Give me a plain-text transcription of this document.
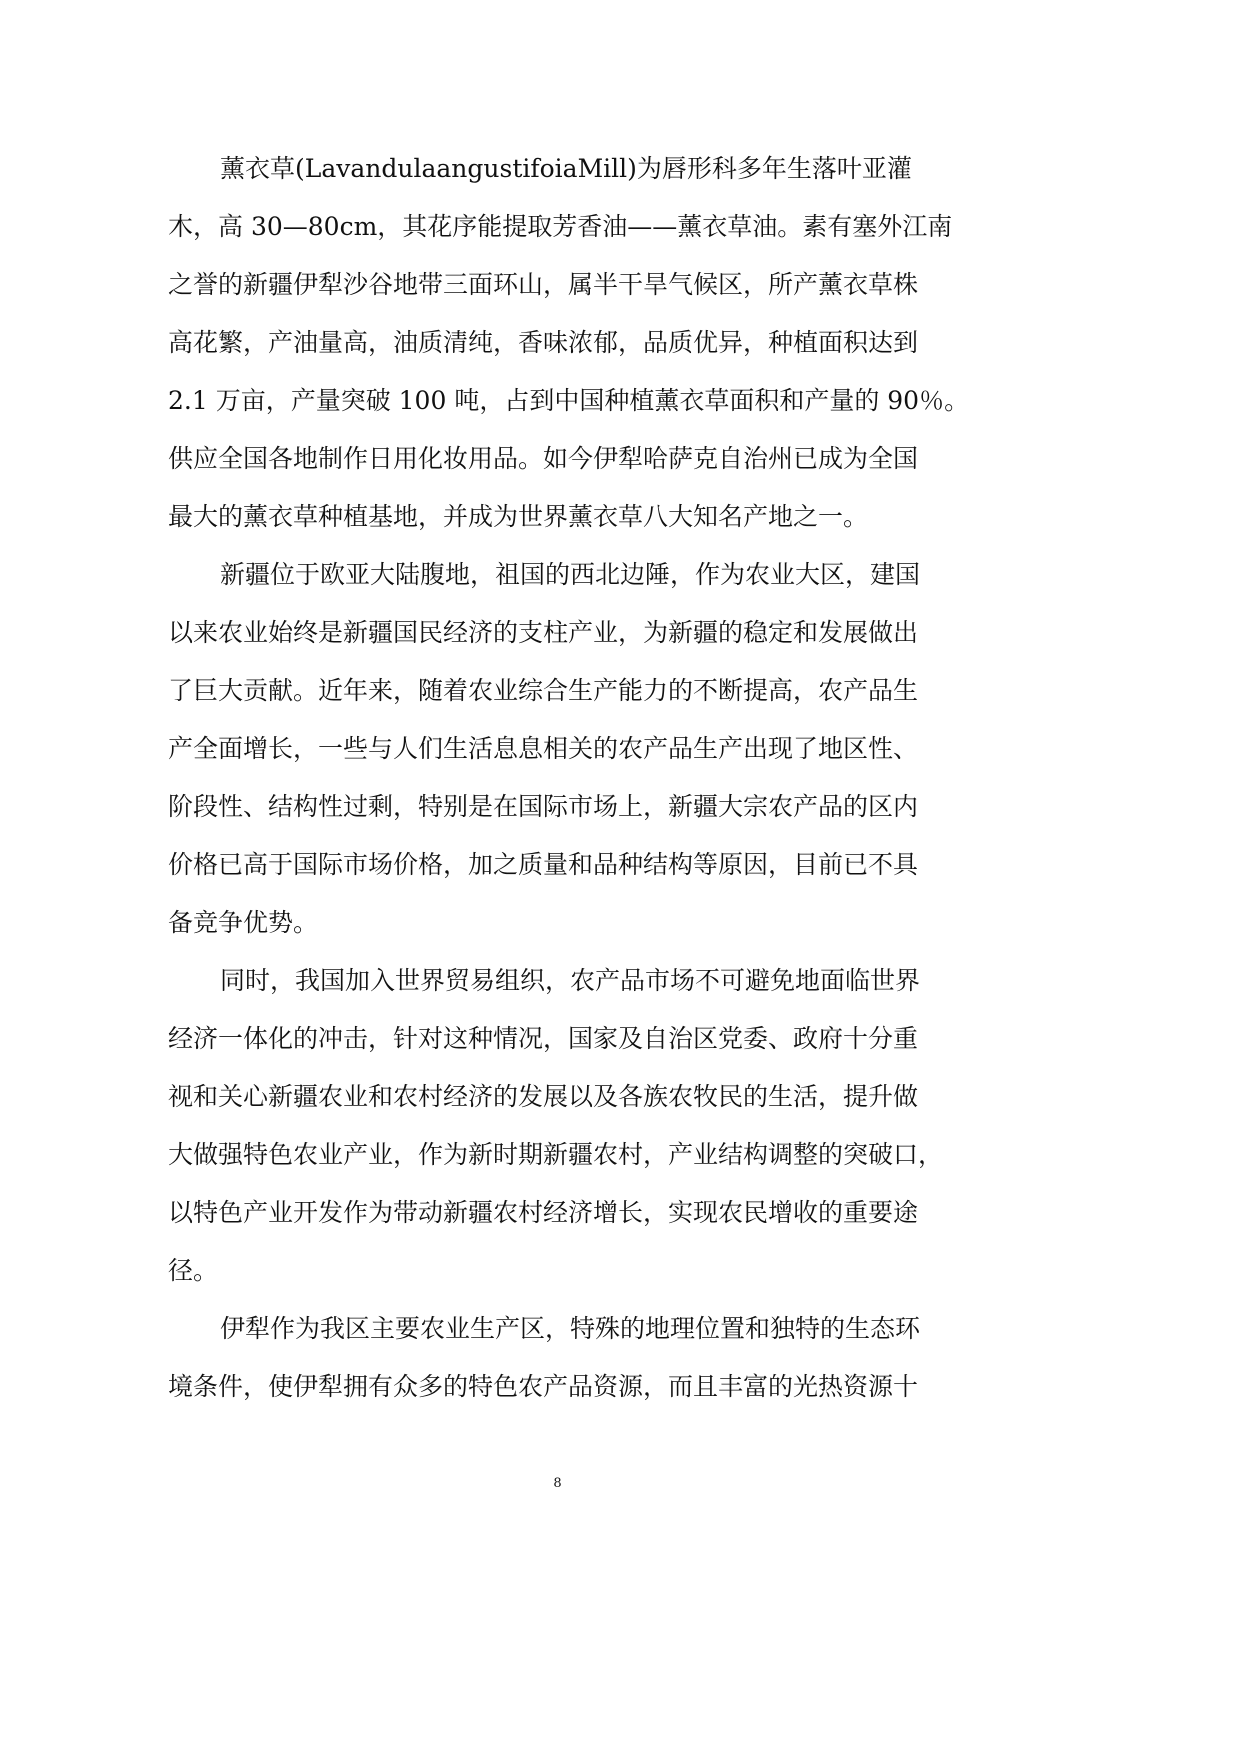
薰衣草(LavandulaangustifoiaMill)为唇形科多年生落叶亚灌
木，高 30—80cm，其花序能提取芳香油——薰衣草油。素有塞外江南
之誉的新疆伊犁沙谷地带三面环山，属半干旱气候区，所产薰衣草株
高花繁，产油量高，油质清纯，香味浓郁，品质优异，种植面积达到
2.1 万亩，产量突破 100 吨，占到中国种植薰衣草面积和产量的 90％。
供应全国各地制作日用化妆用品。如今伊犁哈萨克自治州已成为全国
最大的薰衣草种植基地，并成为世界薰衣草八大知名产地之一。
新疆位于欧亚大陆腹地，祖国的西北边陲，作为农业大区，建国
以来农业始终是新疆国民经济的支柱产业，为新疆的稳定和发展做出
了巨大贡献。近年来，随着农业综合生产能力的不断提高，农产品生
产全面增长，一些与人们生活息息相关的农产品生产出现了地区性、
阶段性、结构性过剩，特别是在国际市场上，新疆大宗农产品的区内
价格已高于国际市场价格，加之质量和品种结构等原因，目前已不具
备竞争优势。
同时，我国加入世界贸易组织，农产品市场不可避免地面临世界
经济一体化的冲击，针对这种情况，国家及自治区党委、政府十分重
视和关心新疆农业和农村经济的发展以及各族农牧民的生活，提升做
大做强特色农业产业，作为新时期新疆农村，产业结构调整的突破口，
以特色产业开发作为带动新疆农村经济增长，实现农民增收的重要途
径。
伊犁作为我区主要农业生产区，特殊的地理位置和独特的生态环
境条件，使伊犁拥有众多的特色农产品资源，而且丰富的光热资源十
8
